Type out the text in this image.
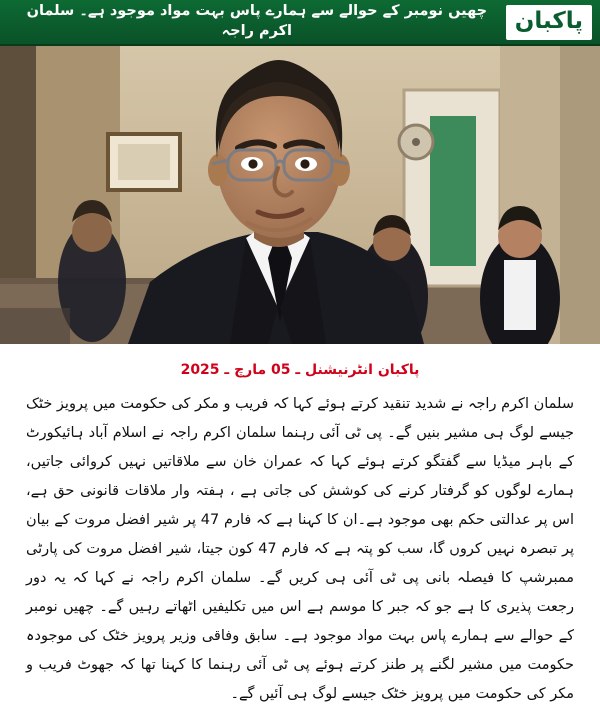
پاکبان
چھیں نومبر کے حوالے سے ہمارے پاس بہت مواد موجود ہے۔ سلمان اکرم راجہ
پاکبان انٹرنیشنل ـ 05 مارچ ـ 2025

سلمان اکرم راجہ نے شدید تنقید کرتے ہوئے کہا کہ فریب و مکر کی حکومت میں پرویز خٹک جیسے لوگ ہی مشیر بنیں گے۔ پی ٹی آئی رہنما سلمان اکرم راجہ نے اسلام آباد ہائیکورٹ کے باہر میڈیا سے گفتگو کرتے ہوئے کہا کہ عمران خان سے ملاقاتیں نہیں کروائی جاتیں، ہمارے لوگوں کو گرفتار کرنے کی کوشش کی جاتی ہے ، ہفتہ وار ملاقات قانونی حق ہے، اس پر عدالتی حکم بھی موجود ہے۔ان کا کہنا ہے کہ فارم 47 پر شیر افضل مروت کے بیان پر تبصرہ نہیں کروں گا، سب کو پتہ ہے کہ فارم 47 کون جیتا، شیر افضل مروت کی پارٹی ممبرشپ کا فیصلہ بانی پی ٹی آئی ہی کریں گے۔ سلمان اکرم راجہ نے کہا کہ یہ دور رجعت پذیری کا ہے جو کہ جبر کا موسم ہے اس میں تکلیفیں اٹھاتے رہیں گے۔ چھیں نومبر کے حوالے سے ہمارے پاس بہت مواد موجود ہے۔ سابق وفاقی وزیر پرویز خٹک کی موجودہ حکومت میں مشیر لگنے پر طنز کرتے ہوئے پی ٹی آئی رہنما کا کہنا تھا کہ جھوٹ فریب و مکر کی حکومت میں پرویز خٹک جیسے لوگ ہی آئیں گے۔
